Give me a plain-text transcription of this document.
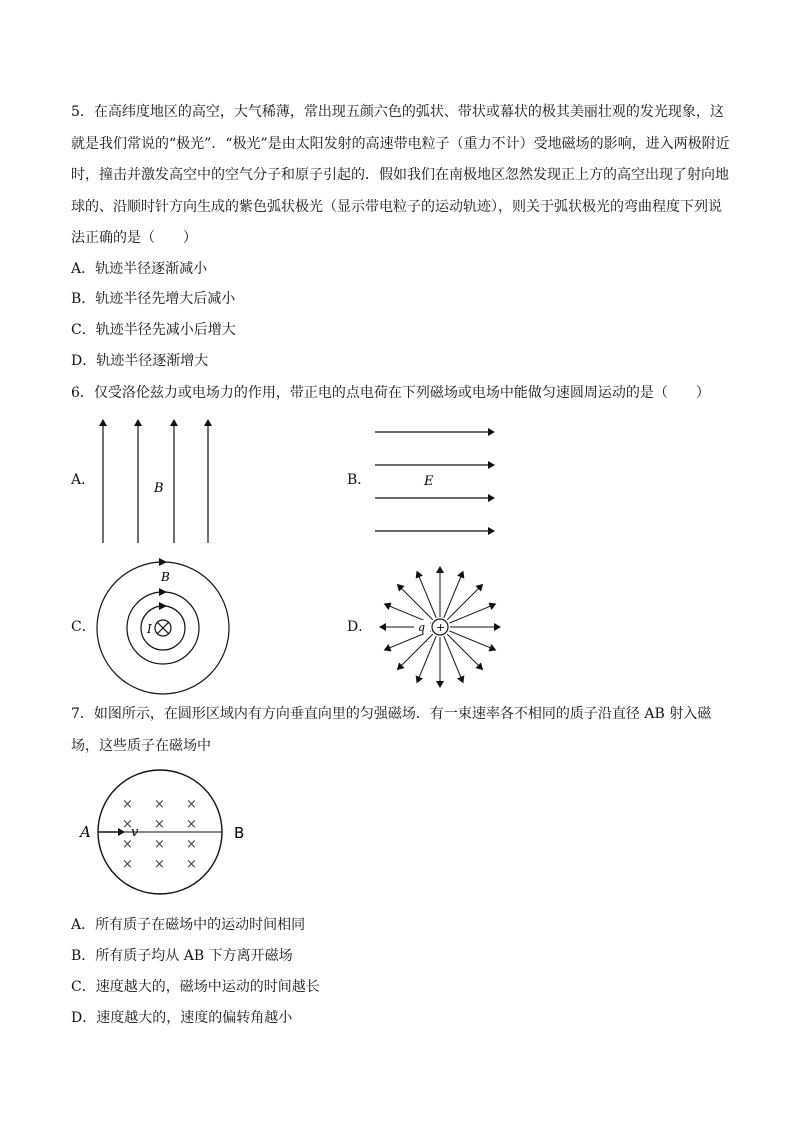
5．在高纬度地区的高空，大气稀薄，常出现五颜六色的弧状、带状或幕状的极其美丽壮观的发光现象，这就是我们常说的“极光”．“极光”是由太阳发射的高速带电粒子（重力不计）受地磁场的影响，进入两极附近时，撞击并激发高空中的空气分子和原子引起的．假如我们在南极地区忽然发现正上方的高空出现了射向地球的、沿顺时针方向生成的紫色弧状极光（显示带电粒子的运动轨迹），则关于弧状极光的弯曲程度下列说法正确的是（　　）

A．轨迹半径逐渐减小
B．轨迹半径先增大后减小
C．轨迹半径先减小后增大
D．轨迹半径逐渐增大
6．仅受洛伦兹力或电场力的作用，带正电的点电荷在下列磁场或电场中能做匀速圆周运动的是（　　）
A．	B．
C．	D．
B	E
B
I	+
q

7．如图所示，在圆形区域内有方向垂直向里的匀强磁场．有一束速率各不相同的质子沿直径 AB 射入磁场，这些质子在磁场中

× × ×
× × ×
× × ×
× × ×
A	v	B
A．所有质子在磁场中的运动时间相同
B．所有质子均从 AB 下方离开磁场
C．速度越大的，磁场中运动的时间越长
D．速度越大的，速度的偏转角越小
